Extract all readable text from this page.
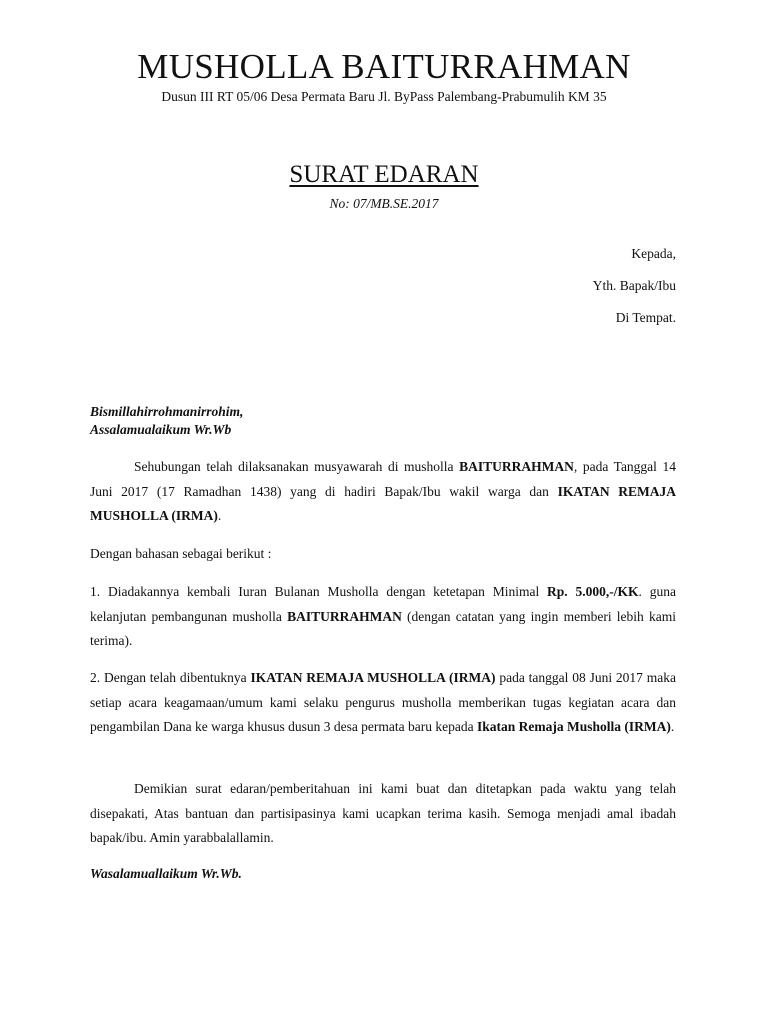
MUSHOLLA BAITURRAHMAN
Dusun III RT 05/06 Desa Permata Baru Jl. ByPass Palembang-Prabumulih KM 35
SURAT EDARAN
No: 07/MB.SE.2017
Kepada,
Yth. Bapak/Ibu
Di Tempat.
Bismillahirrohmanirrohim,
Assalamualaikum Wr.Wb
Sehubungan telah dilaksanakan musyawarah di musholla BAITURRAHMAN, pada Tanggal 14 Juni 2017 (17 Ramadhan 1438) yang di hadiri Bapak/Ibu wakil warga dan IKATAN REMAJA MUSHOLLA (IRMA).
Dengan bahasan sebagai berikut :
1. Diadakannya kembali Iuran Bulanan Musholla dengan ketetapan Minimal Rp. 5.000,-/KK. guna kelanjutan pembangunan musholla BAITURRAHMAN (dengan catatan yang ingin memberi lebih kami terima).
2. Dengan telah dibentuknya IKATAN REMAJA MUSHOLLA (IRMA) pada tanggal 08 Juni 2017 maka setiap acara keagamaan/umum kami selaku pengurus musholla memberikan tugas kegiatan acara dan pengambilan Dana ke warga khusus dusun 3 desa permata baru kepada Ikatan Remaja Musholla (IRMA).
Demikian surat edaran/pemberitahuan ini kami buat dan ditetapkan pada waktu yang telah disepakati, Atas bantuan dan partisipasinya kami ucapkan terima kasih. Semoga menjadi amal ibadah bapak/ibu. Amin yarabbalallamin.
Wasalamuallaikum Wr.Wb.
